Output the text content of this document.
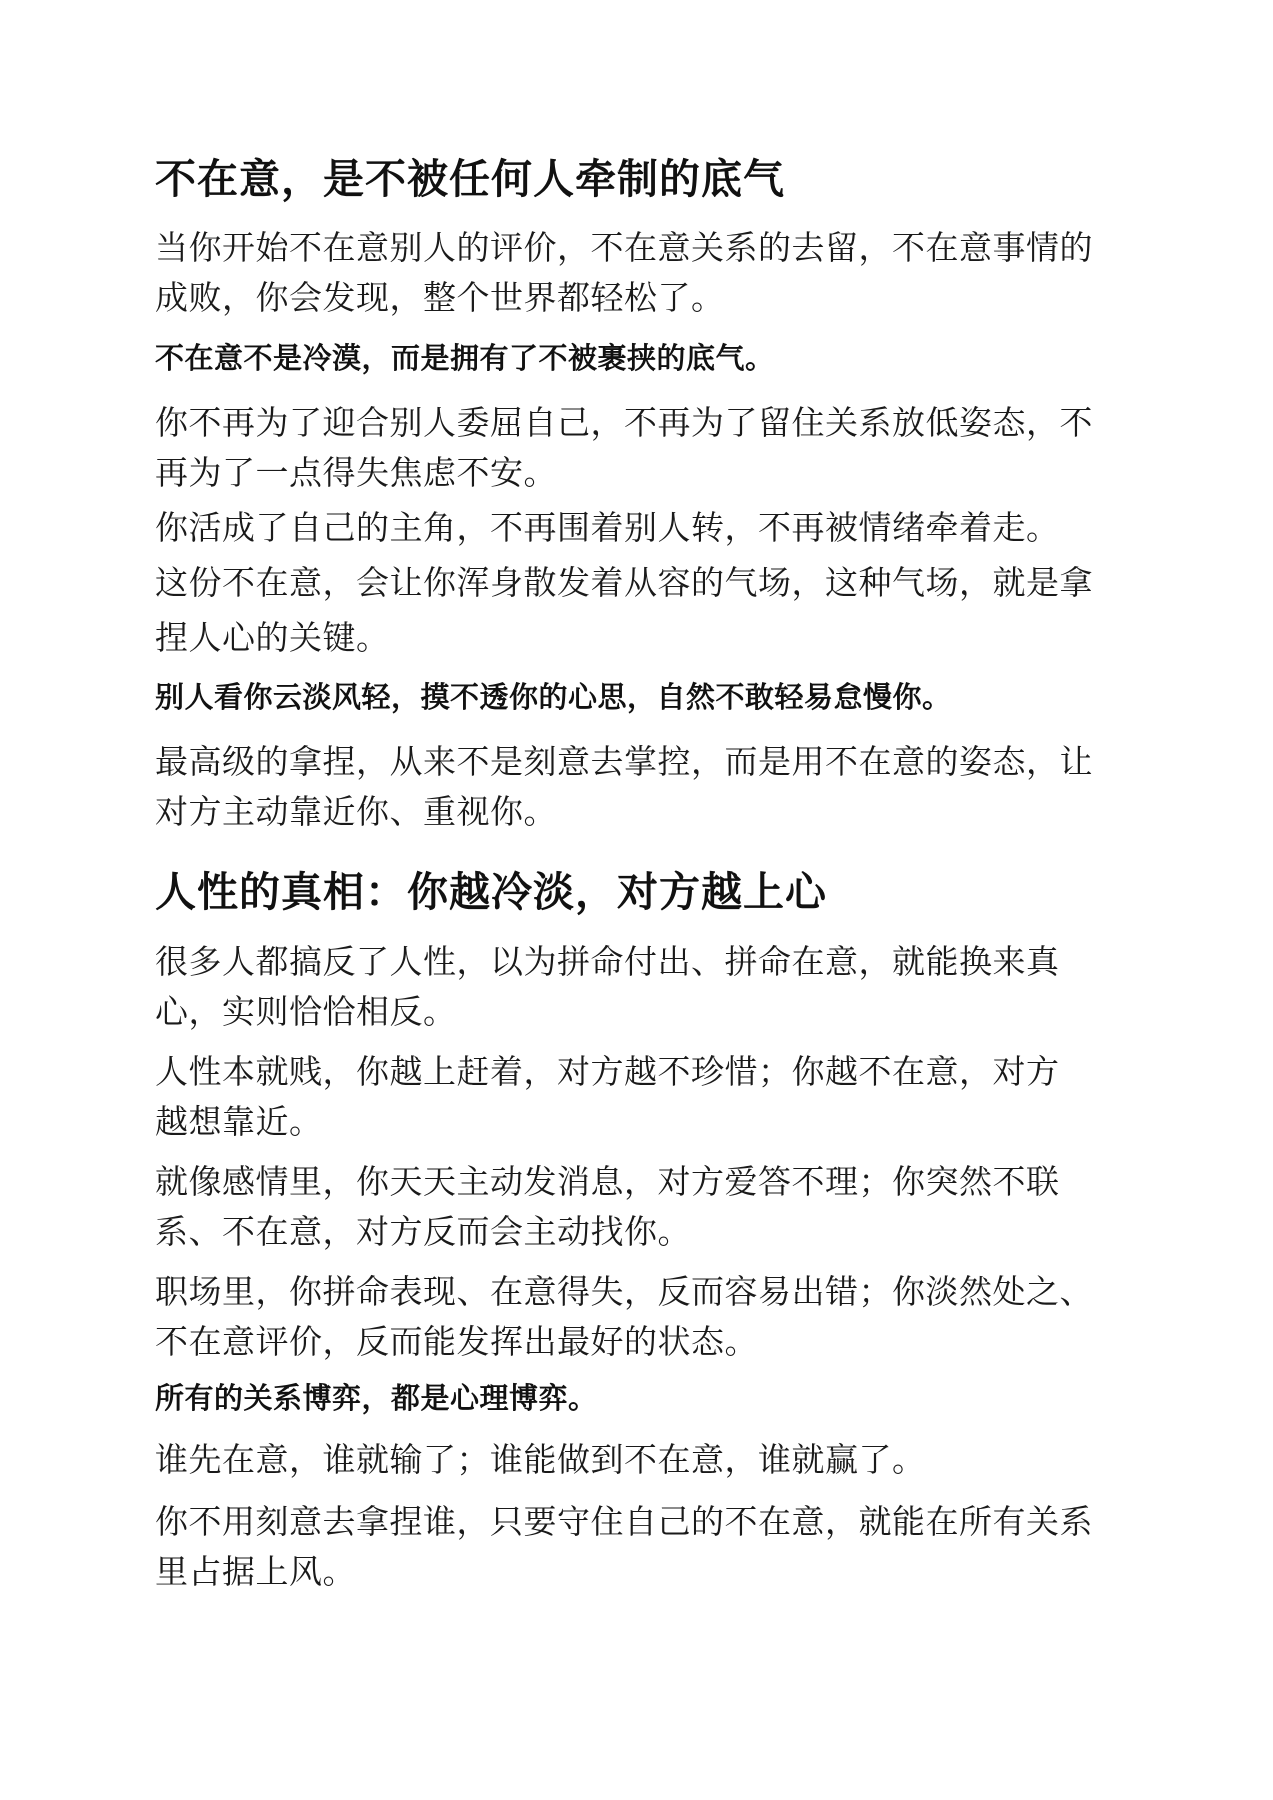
不在意，是不被任何人牵制的底气

当你开始不在意别人的评价，不在意关系的去留，不在意事情的

成败，你会发现，整个世界都轻松了。

不在意不是冷漠，而是拥有了不被裹挟的底气。

你不再为了迎合别人委屈自己，不再为了留住关系放低姿态，不

再为了一点得失焦虑不安。

你活成了自己的主角，不再围着别人转，不再被情绪牵着走。

这份不在意，会让你浑身散发着从容的气场，这种气场，就是拿

捏人心的关键。

别人看你云淡风轻，摸不透你的心思，自然不敢轻易怠慢你。

最高级的拿捏，从来不是刻意去掌控，而是用不在意的姿态，让

对方主动靠近你、重视你。

人性的真相：你越冷淡，对方越上心

很多人都搞反了人性，以为拼命付出、拼命在意，就能换来真

心，实则恰恰相反。

人性本就贱，你越上赶着，对方越不珍惜；你越不在意，对方

越想靠近。

就像感情里，你天天主动发消息，对方爱答不理；你突然不联

系、不在意，对方反而会主动找你。

职场里，你拼命表现、在意得失，反而容易出错；你淡然处之、

不在意评价，反而能发挥出最好的状态。

所有的关系博弈，都是心理博弈。

谁先在意，谁就输了；谁能做到不在意，谁就赢了。

你不用刻意去拿捏谁，只要守住自己的不在意，就能在所有关系

里占据上风。
